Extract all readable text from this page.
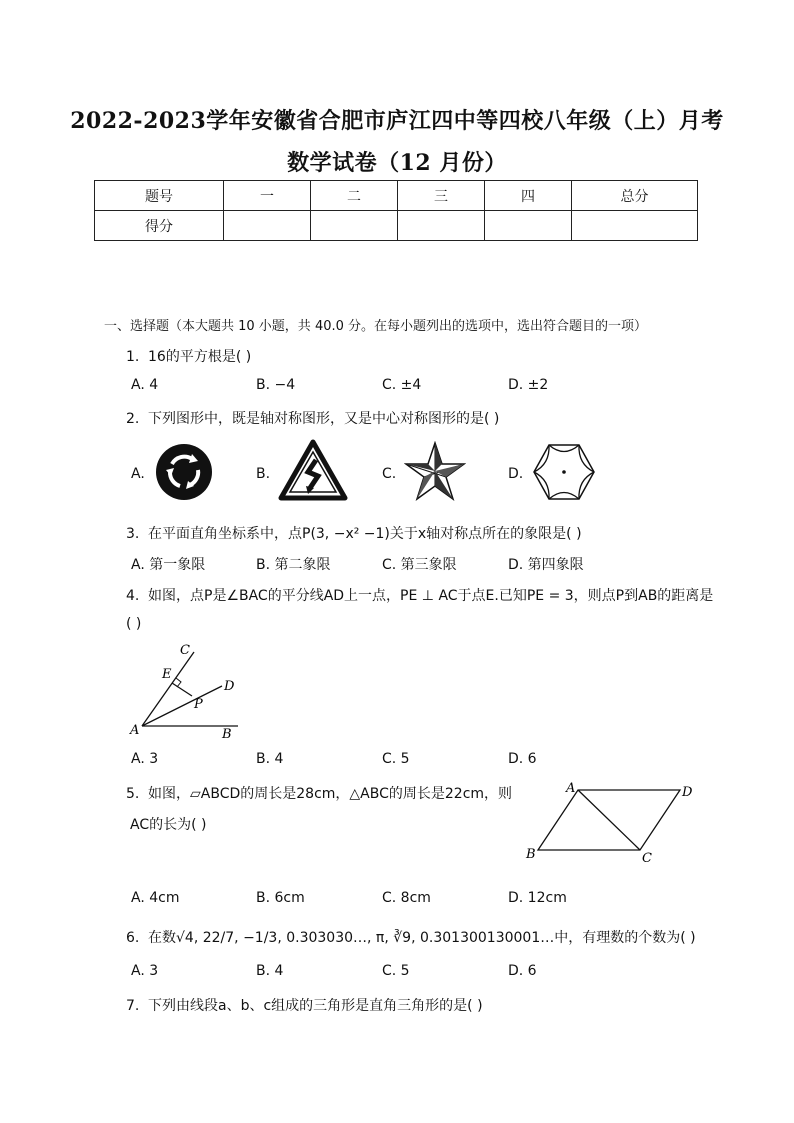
2022-2023学年安徽省合肥市庐江四中等四校八年级（上）月考
数学试卷（12 月份）
题号	一	二	三	四	总分
得分					
一、选择题（本大题共 10 小题，共 40.0 分。在每小题列出的选项中，选出符合题目的一项）
1. 16的平方根是( )
A. 4	B. −4	C. ±4	D. ±2
2. 下列图形中，既是轴对称图形，又是中心对称图形的是( )
A.	B.	C.	D.
3. 在平面直角坐标系中，点P(3, −x² −1)关于x轴对称点所在的象限是( )
A. 第一象限	B. 第二象限	C. 第三象限	D. 第四象限
4. 如图，点P是∠BAC的平分线AD上一点，PE ⊥ AC于点E.已知PE = 3，则点P到AB的距离是
( )
C
E
D
P
A	B
A. 3	B. 4	C. 5	D. 6
5. 如图，▱ABCD的周长是28cm，△ABC的周长是22cm，则
AC的长为( )
A	D
B	C
A. 4cm	B. 6cm	C. 8cm	D. 12cm
6. 在数√4, 22/7, −1/3, 0.303030…, π, ∛9, 0.301300130001…中，有理数的个数为( )
A. 3	B. 4	C. 5	D. 6
7. 下列由线段a、b、c组成的三角形是直角三角形的是( )
